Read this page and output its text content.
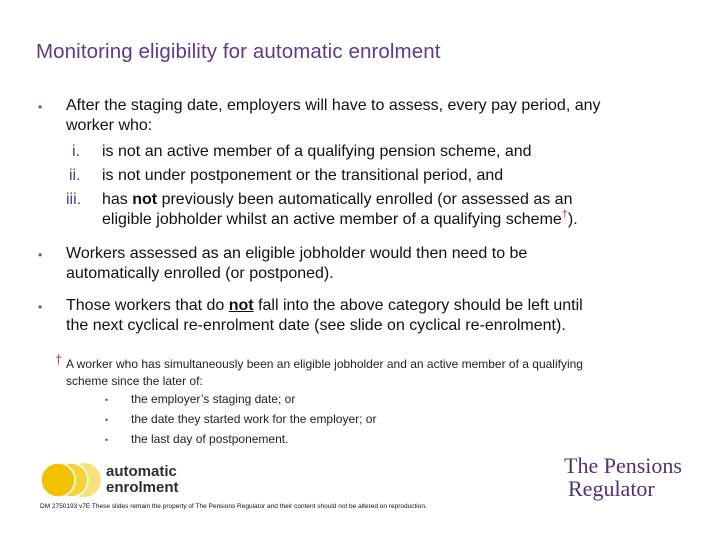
Monitoring eligibility for automatic enrolment
• After the staging date, employers will have to assess, every pay period, any
worker who:
i. is not an active member of a qualifying pension scheme, and
ii. is not under postponement or the transitional period, and
iii. has not previously been automatically enrolled (or assessed as an
eligible jobholder whilst an active member of a qualifying scheme†).
• Workers assessed as an eligible jobholder would then need to be
automatically enrolled (or postponed).
• Those workers that do not fall into the above category should be left until
the next cyclical re-enrolment date (see slide on cyclical re-enrolment).
† A worker who has simultaneously been an eligible jobholder and an active member of a qualifying
scheme since the later of:
• the employer’s staging date; or
• the date they started work for the employer; or
• the last day of postponement.
automatic
enrolment
The Pensions
Regulator
DM 2750193 v7E These slides remain the property of The Pensions Regulator and their content should not be altered on reproduction.
